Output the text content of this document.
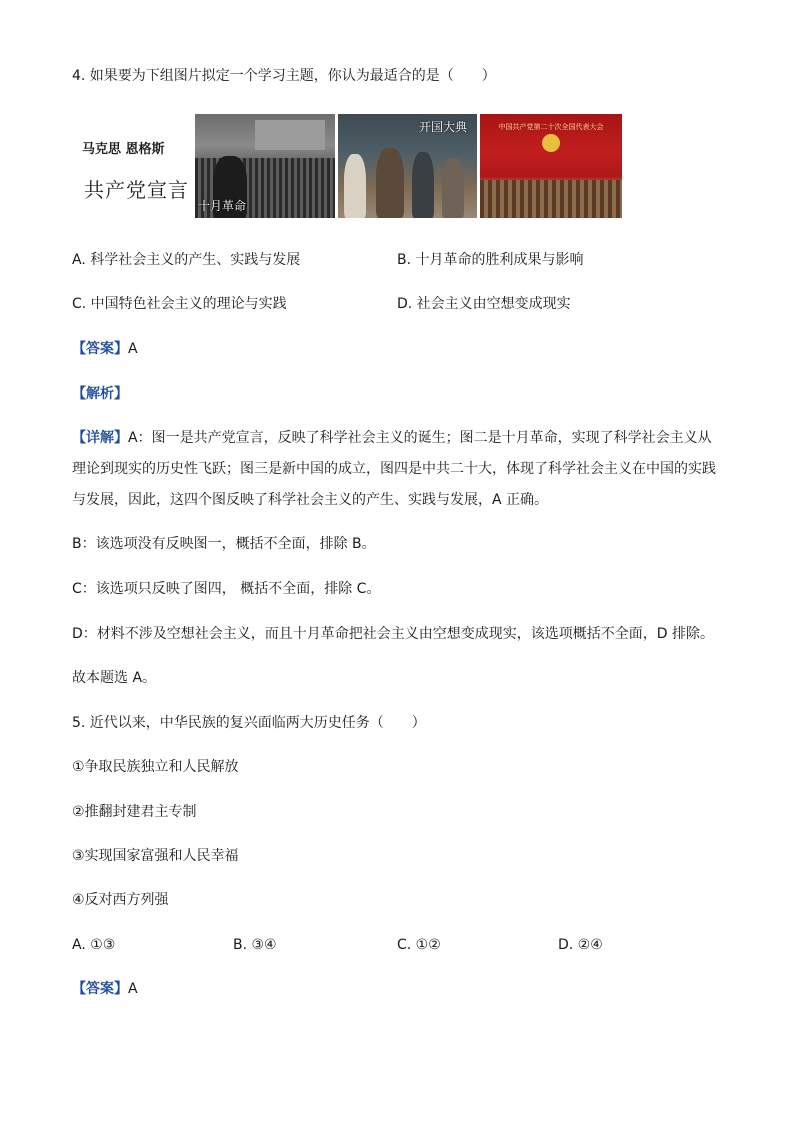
4. 如果要为下组图片拟定一个学习主题，你认为最适合的是（　　）
马克思 恩格斯
共产党宣言
十月革命
开国大典	中国共产党第二十次全国代表大会
A. 科学社会主义的产生、实践与发展	B. 十月革命的胜利成果与影响
C. 中国特色社会主义的理论与实践	D. 社会主义由空想变成现实
【答案】A
【解析】
【详解】A：图一是共产党宣言，反映了科学社会主义的诞生；图二是十月革命，实现了科学社会主义从理论到现实的历史性飞跃；图三是新中国的成立，图四是中共二十大，体现了科学社会主义在中国的实践与发展，因此，这四个图反映了科学社会主义的产生、实践与发展，A 正确。
B：该选项没有反映图一，概括不全面，排除 B。
C：该选项只反映了图四， 概括不全面，排除 C。
D：材料不涉及空想社会主义，而且十月革命把社会主义由空想变成现实，该选项概括不全面，D 排除。
故本题选 A。
5. 近代以来，中华民族的复兴面临两大历史任务（　　）
①争取民族独立和人民解放
②推翻封建君主专制
③实现国家富强和人民幸福
④反对西方列强
A. ①③	B. ③④	C. ①②	D. ②④
【答案】A
